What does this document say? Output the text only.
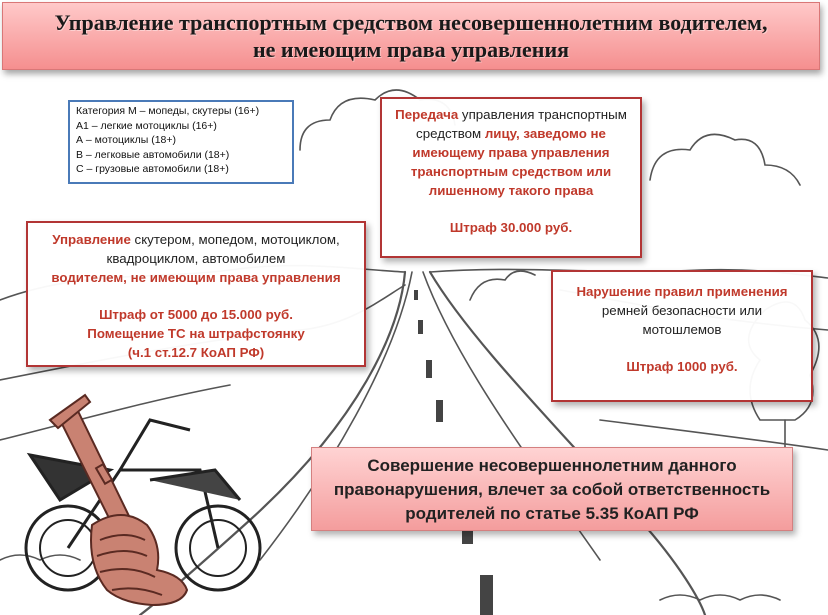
Управление транспортным средством несовершеннолетним водителем,
не имеющим права управления
Категория М – мопеды, скутеры (16+)
А1 – легкие мотоциклы (16+)
А – мотоциклы (18+)
В – легковые автомобили (18+)
С – грузовые автомобили (18+)
Передача управления транспортным средством лицу, заведомо не имеющему права управления транспортным средством или лишенному такого права
Штраф 30.000 руб.
Управление скутером, мопедом, мотоциклом, квадроциклом, автомобилем
водителем, не имеющим права управления
Штраф от 5000 до 15.000 руб.
Помещение ТС на штрафстоянку
(ч.1 ст.12.7 КоАП РФ)
Нарушение правил применения ремней безопасности или мотошлемов
Штраф 1000 руб.
Совершение несовершеннолетним данного правонарушения, влечет за собой ответственность родителей по статье 5.35 КоАП РФ
